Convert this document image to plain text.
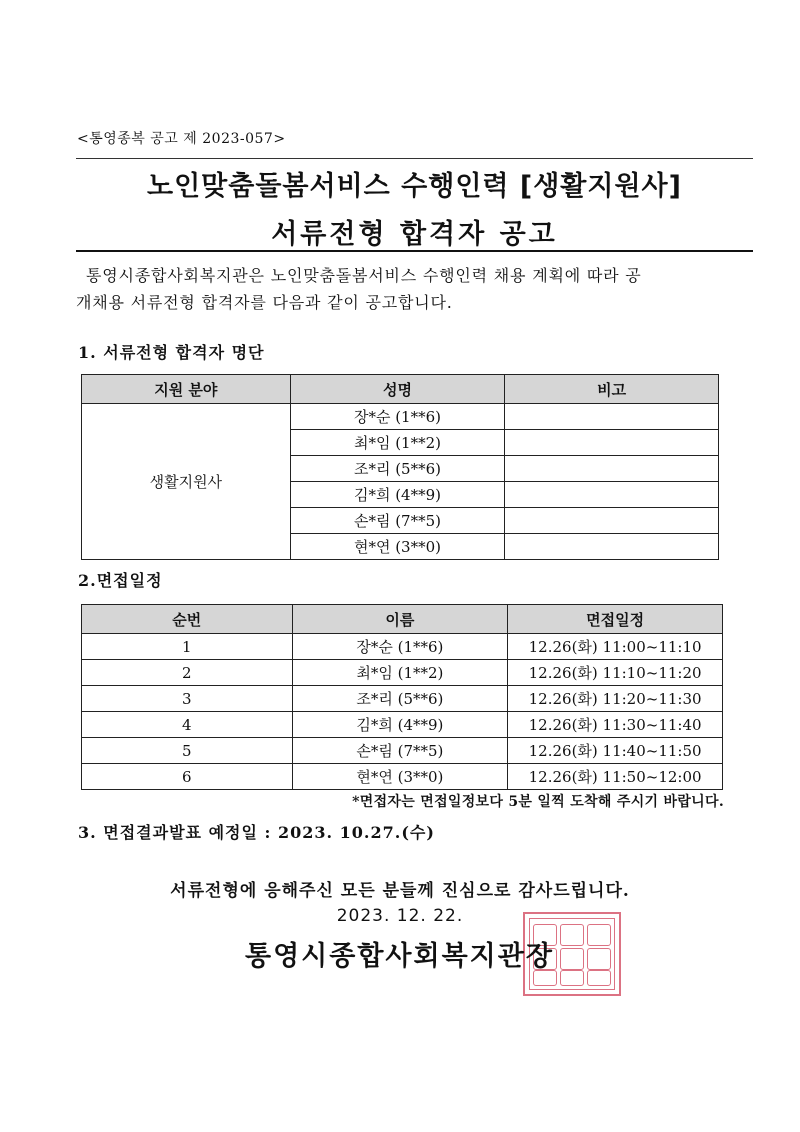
<통영종복 공고 제 2023-057>
노인맞춤돌봄서비스 수행인력 [생활지원사]
서류전형 합격자 공고
통영시종합사회복지관은 노인맞춤돌봄서비스 수행인력 채용 계획에 따라 공
개채용 서류전형 합격자를 다음과 같이 공고합니다.
1. 서류전형 합격자 명단
지원 분야	성명	비고
생활지원사	장*순 (1**6)	
	최*임 (1**2)	
	조*리 (5**6)	
	김*희 (4**9)	
	손*림 (7**5)	
	현*연 (3**0)	
2.면접일정
순번	이름	면접일정
1	장*순 (1**6)	12.26(화) 11:00~11:10
2	최*임 (1**2)	12.26(화) 11:10~11:20
3	조*리 (5**6)	12.26(화) 11:20~11:30
4	김*희 (4**9)	12.26(화) 11:30~11:40
5	손*림 (7**5)	12.26(화) 11:40~11:50
6	현*연 (3**0)	12.26(화) 11:50~12:00
*면접자는 면접일정보다 5분 일찍 도착해 주시기 바랍니다.
3. 면접결과발표 예정일 : 2023. 10.27.(수)
서류전형에 응해주신 모든 분들께 진심으로 감사드립니다.
2023. 12. 22.
통영시종합사회복지관장
